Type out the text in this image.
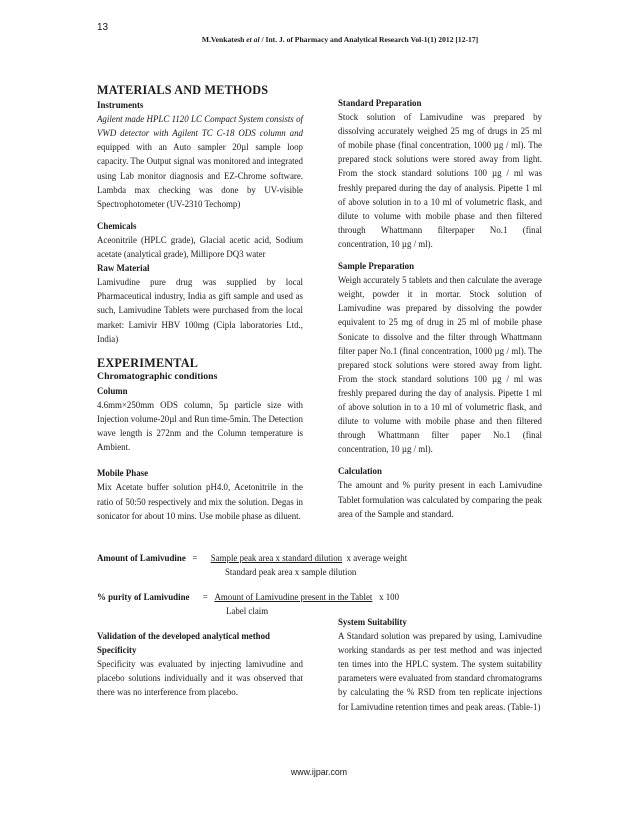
13
M.Venkatesh et al / Int. J. of Pharmacy and Analytical Research Vol-1(1) 2012 [12-17]
MATERIALS AND METHODS
Instruments

Agilent made HPLC 1120 LC Compact System consists of VWD detector with Agilent TC C-18 ODS column and equipped with an Auto sampler 20µl sample loop capacity. The Output signal was monitored and integrated using Lab monitor diagnosis and EZ-Chrome software. Lambda max checking was done by UV-visible Spectrophotometer (UV-2310 Techomp)

Chemicals

Aceonitrile (HPLC grade), Glacial acetic acid, Sodium acetate (analytical grade), Millipore DQ3 water

Raw Material

Lamivudine pure drug was supplied by local Pharmaceutical industry, India as gift sample and used as such, Lamivudine Tablets were purchased from the local market: Lamivir HBV 100mg (Cipla laboratories Ltd., India)

EXPERIMENTAL
Chromatographic conditions
Column

4.6mm×250mm ODS column, 5µ particle size with Injection volume-20µl and Run time-5min. The Detection wave length is 272nm and the Column temperature is Ambient.

Mobile Phase

Mix Acetate buffer solution pH4.0, Acetonitrile in the ratio of 50:50 respectively and mix the solution. Degas in sonicator for about 10 mins. Use mobile phase as diluent.

Standard Preparation

Stock solution of Lamivudine was prepared by dissolving accurately weighed 25 mg of drugs in 25 ml of mobile phase (final concentration, 1000 µg / ml). The prepared stock solutions were stored away from light. From the stock standard solutions 100 µg / ml was freshly prepared during the day of analysis. Pipette 1 ml of above solution in to a 10 ml of volumetric flask, and dilute to volume with mobile phase and then filtered through Whattmann filterpaper No.1 (final concentration, 10 µg / ml).

Sample Preparation

Weigh accurately 5 tablets and then calculate the average weight, powder it in mortar. Stock solution of Lamivudine was prepared by dissolving the powder equivalent to 25 mg of drug in 25 ml of mobile phase Sonicate to dissolve and the filter through Whattmann filter paper No.1 (final concentration, 1000 µg / ml). The prepared stock solutions were stored away from light. From the stock standard solutions 100 µg / ml was freshly prepared during the day of analysis. Pipette 1 ml of above solution in to a 10 ml of volumetric flask, and dilute to volume with mobile phase and then filtered through Whattmann filter paper No.1 (final concentration, 10 µg / ml).

Calculation

The amount and % purity present in each Lamivudine Tablet formulation was calculated by comparing the peak area of the Sample and standard.

Amount of Lamivudine = Sample peak area x standard dilution x average weight
Standard peak area x sample dilution
% purity of Lamivudine = Amount of Lamivudine present in the Tablet x 100
Label claim
Validation of the developed analytical method
Specificity

Specificity was evaluated by injecting lamivudine and placebo solutions individually and it was observed that there was no interference from placebo.

System Suitability

A Standard solution was prepared by using, Lamivudine working standards as per test method and was injected ten times into the HPLC system. The system suitability parameters were evaluated from standard chromatograms by calculating the % RSD from ten replicate injections for Lamivudine retention times and peak areas. (Table-1)

www.ijpar.com
